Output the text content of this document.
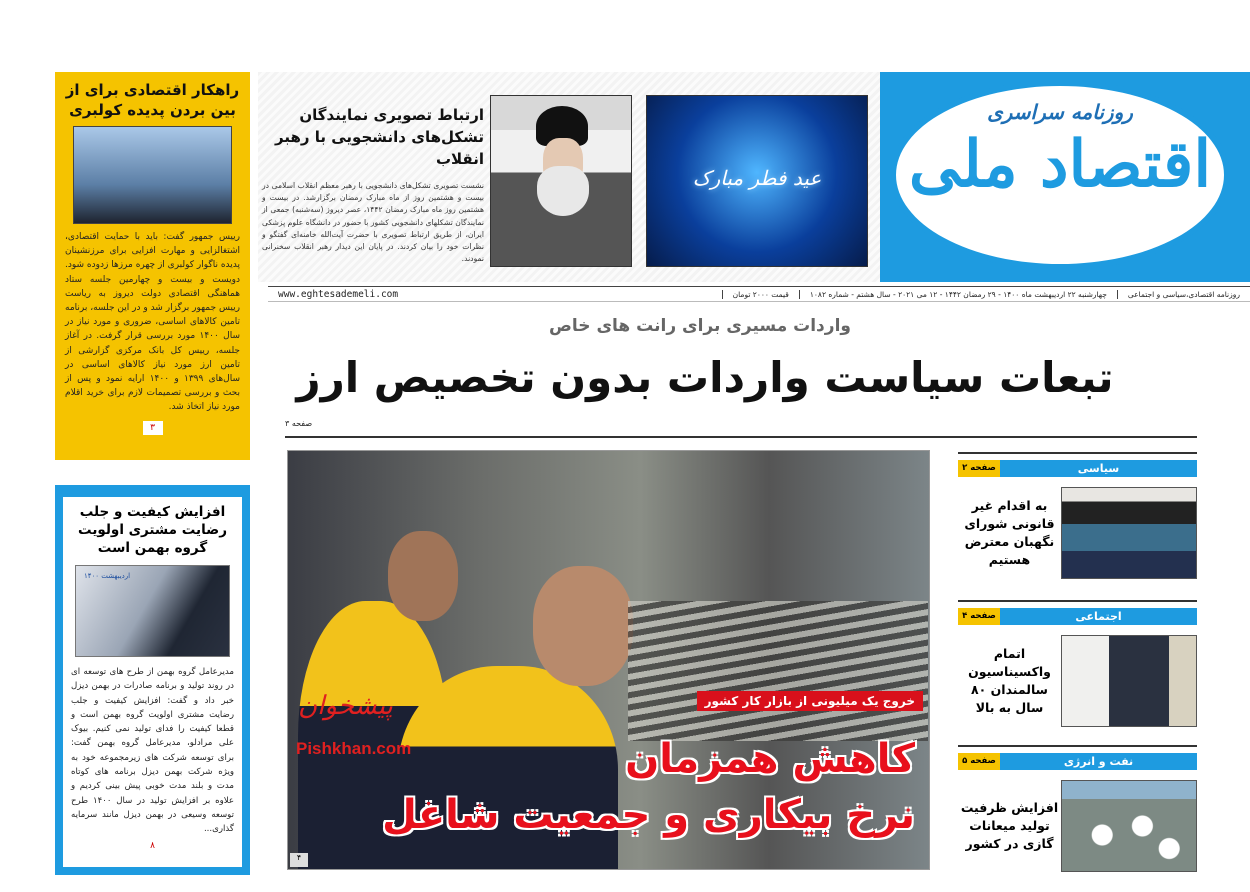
راهکار اقتصادی برای از بین بردن پدیده کولبری

رییس جمهور گفت: باید با حمایت اقتصادی، اشتغالزایی و مهارت افزایی برای مرزنشینان پدیده ناگوار کولبری از چهره مرزها زدوده شود. دویست و بیست و چهارمین جلسه ستاد هماهنگی اقتصادی دولت دیروز به ریاست رییس جمهور برگزار شد و در این جلسه، برنامه تامین کالاهای اساسی، ضروری و مورد نیاز در سال ۱۴۰۰ مورد بررسی قرار گرفت. در آغاز جلسه، رییس کل بانک مرکزی گزارشی از تامین ارز مورد نیاز کالاهای اساسی در سال‌های ۱۳۹۹ و ۱۴۰۰ ارایه نمود و پس از بحث و بررسی تصمیمات لازم برای خرید اقلام مورد نیاز اتخاذ شد.

۳
افزایش کیفیت و جلب رضایت مشتری اولویت گروه بهمن است
اردیبهشت ۱۴۰۰

مدیرعامل گروه بهمن از طرح های توسعه ای در روند تولید و برنامه صادرات در بهمن دیزل خبر داد و گفت: افزایش کیفیت و جلب رضایت مشتری اولویت گروه بهمن است و قطعا کیفیت را فدای تولید نمی کنیم. بیوک علی مرادلو، مدیرعامل گروه بهمن گفت: برای توسعه شرکت های زیرمجموعه خود به ویژه شرکت بهمن دیزل برنامه های کوتاه مدت و بلند مدت خوبی پیش بینی کردیم و علاوه بر افزایش تولید در سال ۱۴۰۰ طرح توسعه وسیعی در بهمن دیزل مانند سرمایه گذاری...

۸
روزنامه سراسری
اقتصاد ملی
عید فطر مبارک
ارتباط تصویری نمایندگان تشکل‌های دانشجویی با رهبر انقلاب

نشست تصویری تشکل‌های دانشجویی با رهبر معظم انقلاب اسلامی در بیست و هشتمین روز از ماه مبارک رمضان برگزارشد. در بیست و هشتمین روز ماه مبارک رمضان ۱۴۴۲، عصر دیروز (سه‌شنبه) جمعی از نمایندگان تشکلهای دانشجویی کشور با حضور در دانشگاه علوم پزشکی ایران، از طریق ارتباط تصویری با حضرت آیت‌الله خامنه‌ای گفتگو و نظرات خود را بیان کردند. در پایان این دیدار رهبر انقلاب سخنرانی نمودند.

روزنامه اقتصادی،سیاسی و اجتماعی
چهارشنبه ۲۲ اردیبهشت ماه ۱۴۰۰ - ۲۹ رمضان ۱۴۴۲ - ۱۲ می ۲۰۲۱ - سال هشتم - شماره ۱۰۸۲
قیمت ۲۰۰۰ تومان
www.eghtesademeli.com
واردات مسیری برای رانت های خاص
تبعات سیاست واردات بدون تخصیص ارز
صفحه ۳
خروج یک میلیونی از بازار کار کشور
کاهش همزمان
نرخ بیکاری و جمعیت شاغل
پیشخوان
Pishkhan.com
۴
سیاسی
صفحه ۲
به اقدام غیر قانونی شورای نگهبان معترض هستیم
اجتماعی
صفحه ۴
اتمام واکسیناسیون سالمندان ۸۰ سال به بالا
نفت و انرژی
صفحه ۵
افزایش ظرفیت تولید میعانات گازی در کشور
